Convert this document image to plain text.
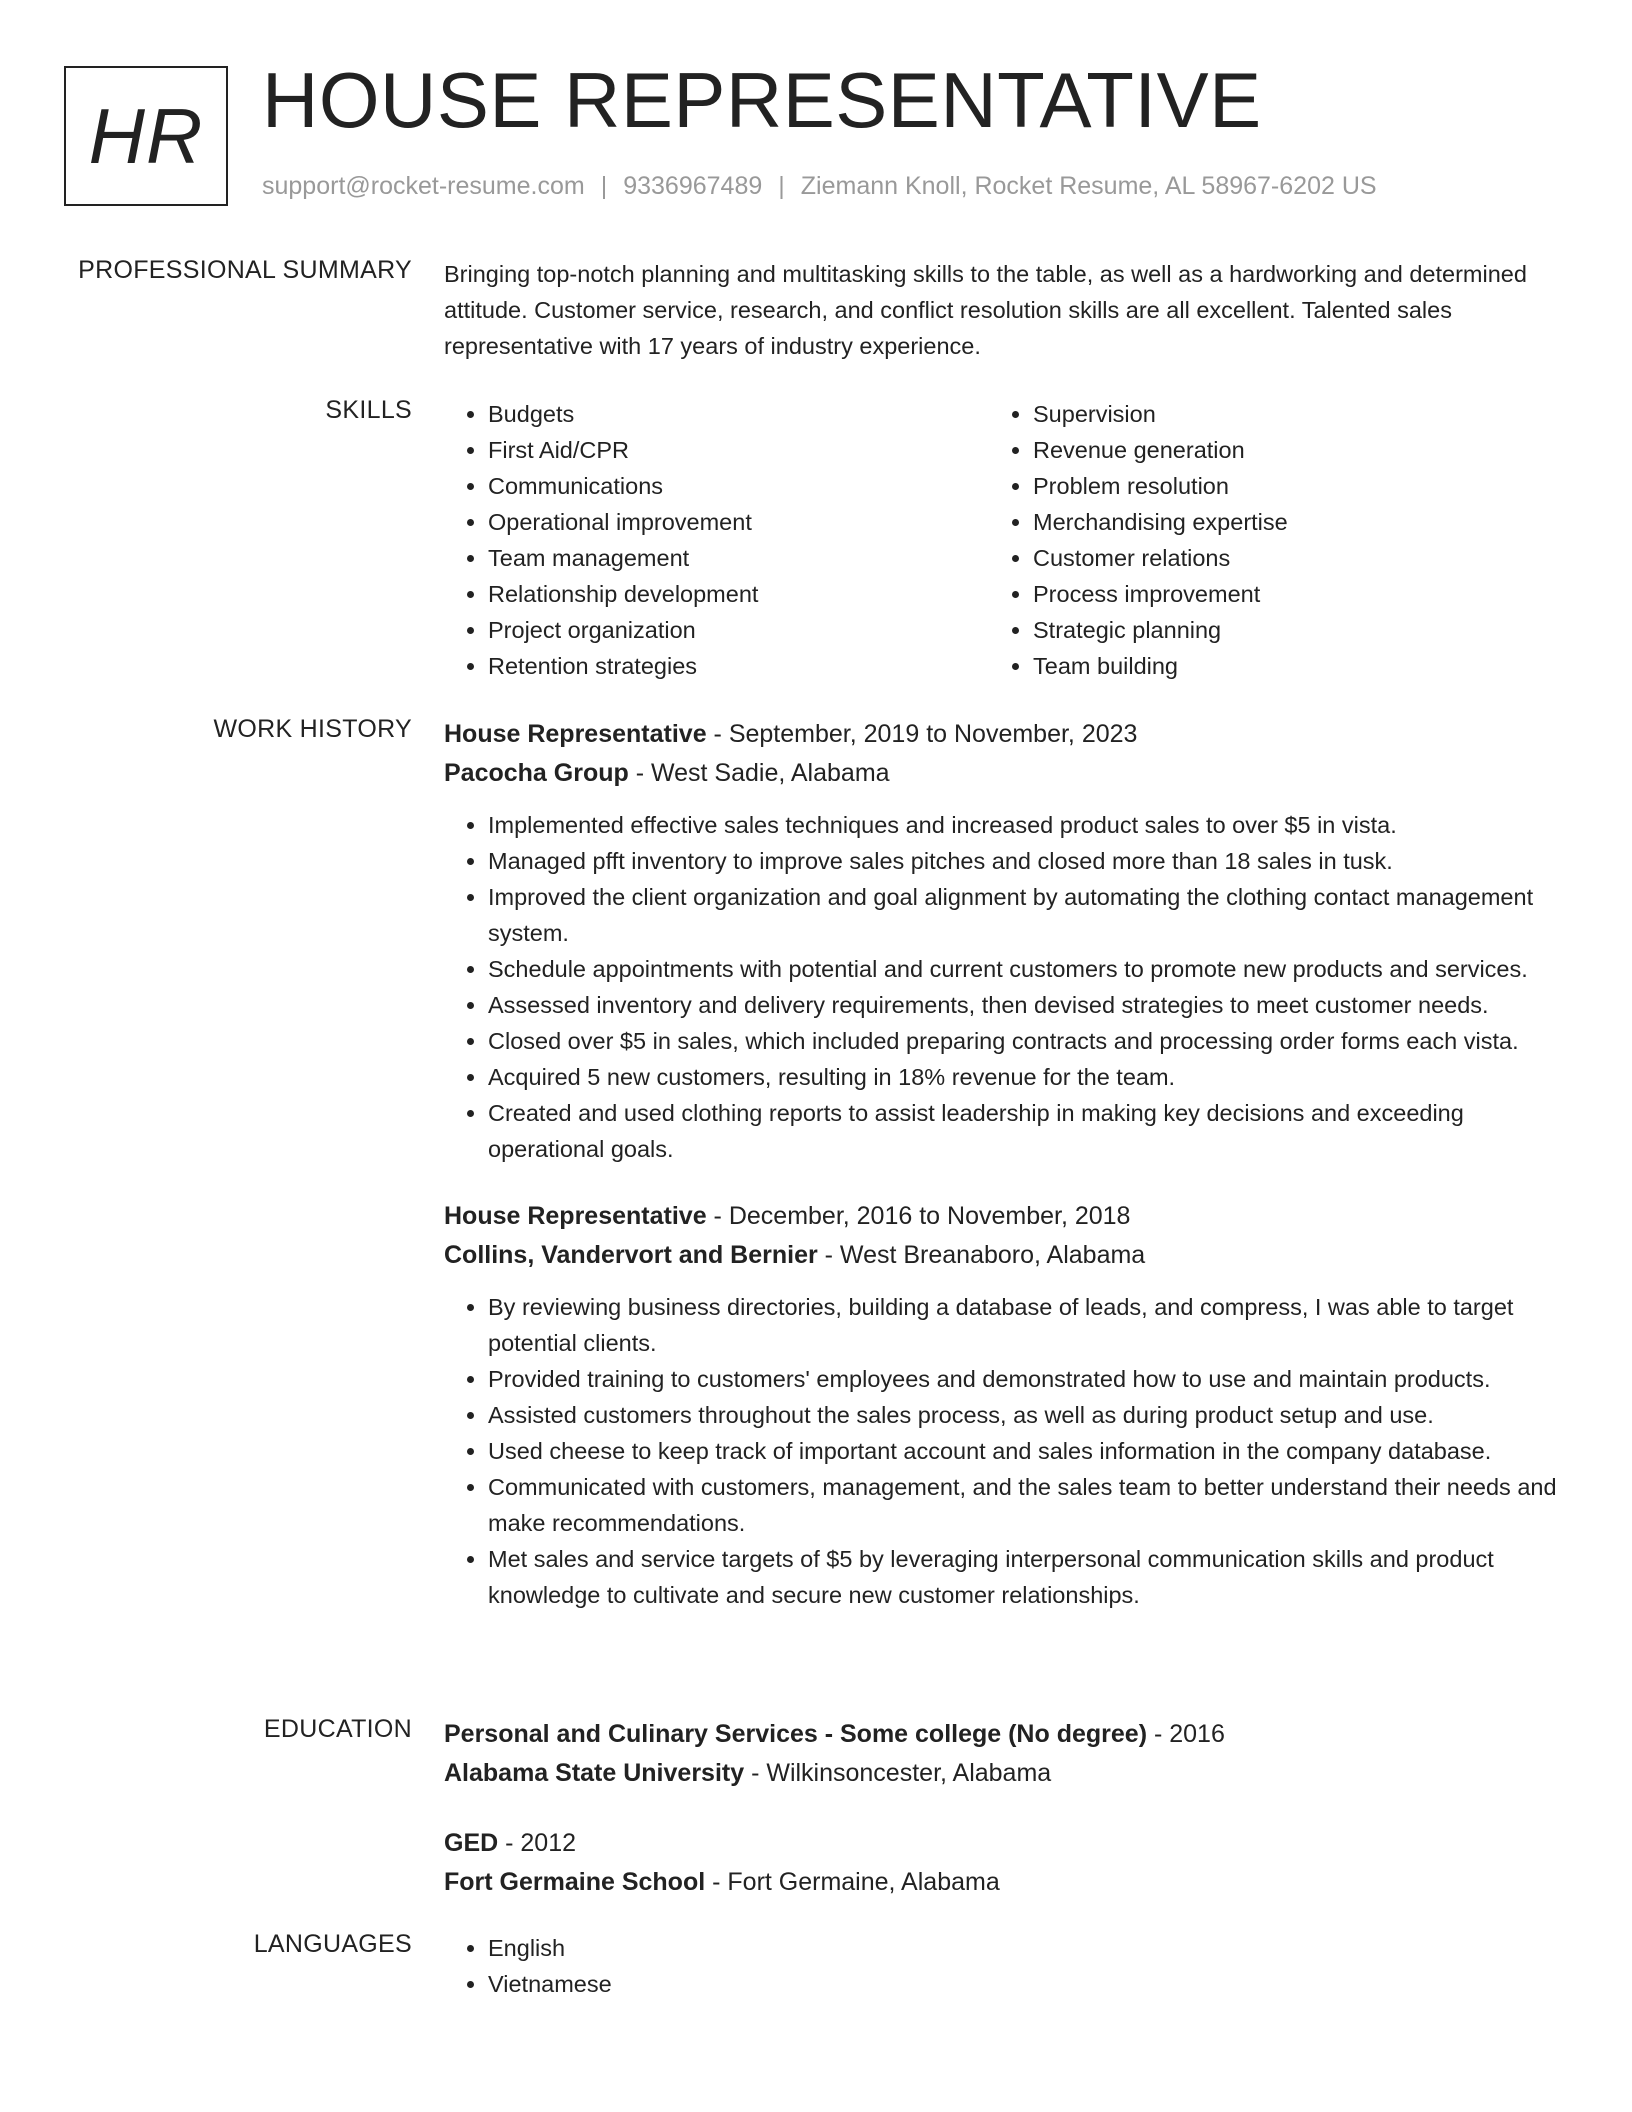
HR HOUSE REPRESENTATIVE
support@rocket-resume.com | 9336967489 | Ziemann Knoll, Rocket Resume, AL 58967-6202 US
PROFESSIONAL SUMMARY Bringing top-notch planning and multitasking skills to the table, as well as a hardworking and determined attitude. Customer service, research, and conflict resolution skills are all excellent. Talented sales representative with 17 years of industry experience.

SKILLS	• Budgets
• First Aid/CPR
• Communications
• Operational improvement
• Team management
• Relationship development
• Project organization
• Retention strategies
• Supervision
• Revenue generation
• Problem resolution
• Merchandising expertise
• Customer relations
• Process improvement
• Strategic planning
• Team building
WORK HISTORY House Representative - September, 2019 to November, 2023
Pacocha Group - West Sadie, Alabama
• Implemented effective sales techniques and increased product sales to over $5 in vista.
• Managed pfft inventory to improve sales pitches and closed more than 18 sales in tusk.
• Improved the client organization and goal alignment by automating the clothing contact management system.
• Schedule appointments with potential and current customers to promote new products and services.
• Assessed inventory and delivery requirements, then devised strategies to meet customer needs.
• Closed over $5 in sales, which included preparing contracts and processing order forms each vista.
• Acquired 5 new customers, resulting in 18% revenue for the team.
• Created and used clothing reports to assist leadership in making key decisions and exceeding operational goals.
House Representative - December, 2016 to November, 2018
Collins, Vandervort and Bernier - West Breanaboro, Alabama
• By reviewing business directories, building a database of leads, and compress, I was able to target potential clients.
• Provided training to customers' employees and demonstrated how to use and maintain products.
• Assisted customers throughout the sales process, as well as during product setup and use.
• Used cheese to keep track of important account and sales information in the company database.
• Communicated with customers, management, and the sales team to better understand their needs and make recommendations.
• Met sales and service targets of $5 by leveraging interpersonal communication skills and product knowledge to cultivate and secure new customer relationships.
EDUCATION Personal and Culinary Services - Some college (No degree) - 2016
Alabama State University - Wilkinsoncester, Alabama
GED - 2012
Fort Germaine School - Fort Germaine, Alabama
LANGUAGES	• English
• Vietnamese
